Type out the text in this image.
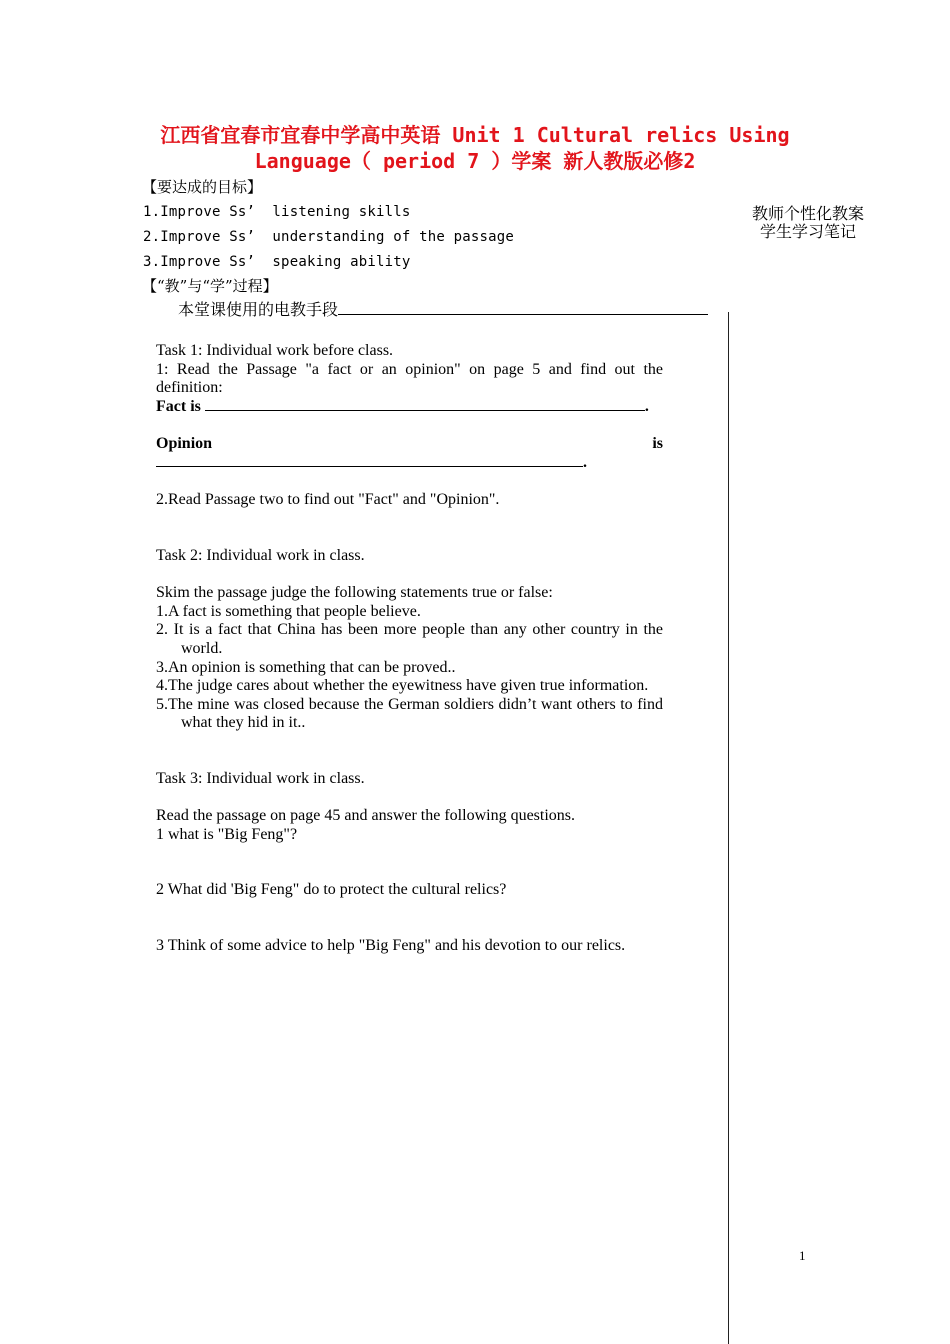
江西省宜春市宜春中学高中英语 Unit 1 Cultural relics Using
Language（ period 7 ）学案 新人教版必修2
【要达成的目标】
1.Improve Ss’  listening skills
2.Improve Ss’  understanding of the passage
3.Improve Ss’  speaking ability
教师个性化教案
学生学习笔记
【“教”与“学”过程】
本堂课使用的电教手段

Task 1: Individual work before class.

1: Read the Passage "a fact or an opinion" on page 5 and find out the definition:

Fact is	.

Opinion	is

.

2.Read Passage two to find out "Fact" and "Opinion".

Task 2: Individual work in class.

Skim the passage judge the following statements true or false:

1.A fact is something that people believe.

2. It is a fact that China has been more people than any other country in the world.

3.An opinion is something that can be proved..

4.The judge cares about whether the eyewitness have given true information.

5.The mine was closed because the German soldiers didn’t want others to find what they hid in it..

Task 3: Individual work in class.

Read the passage on page 45 and answer the following questions.

1 what is "Big Feng"?

2 What did 'Big Feng" do to protect the cultural relics?

3 Think of some advice to help "Big Feng" and his devotion to our relics.

1
